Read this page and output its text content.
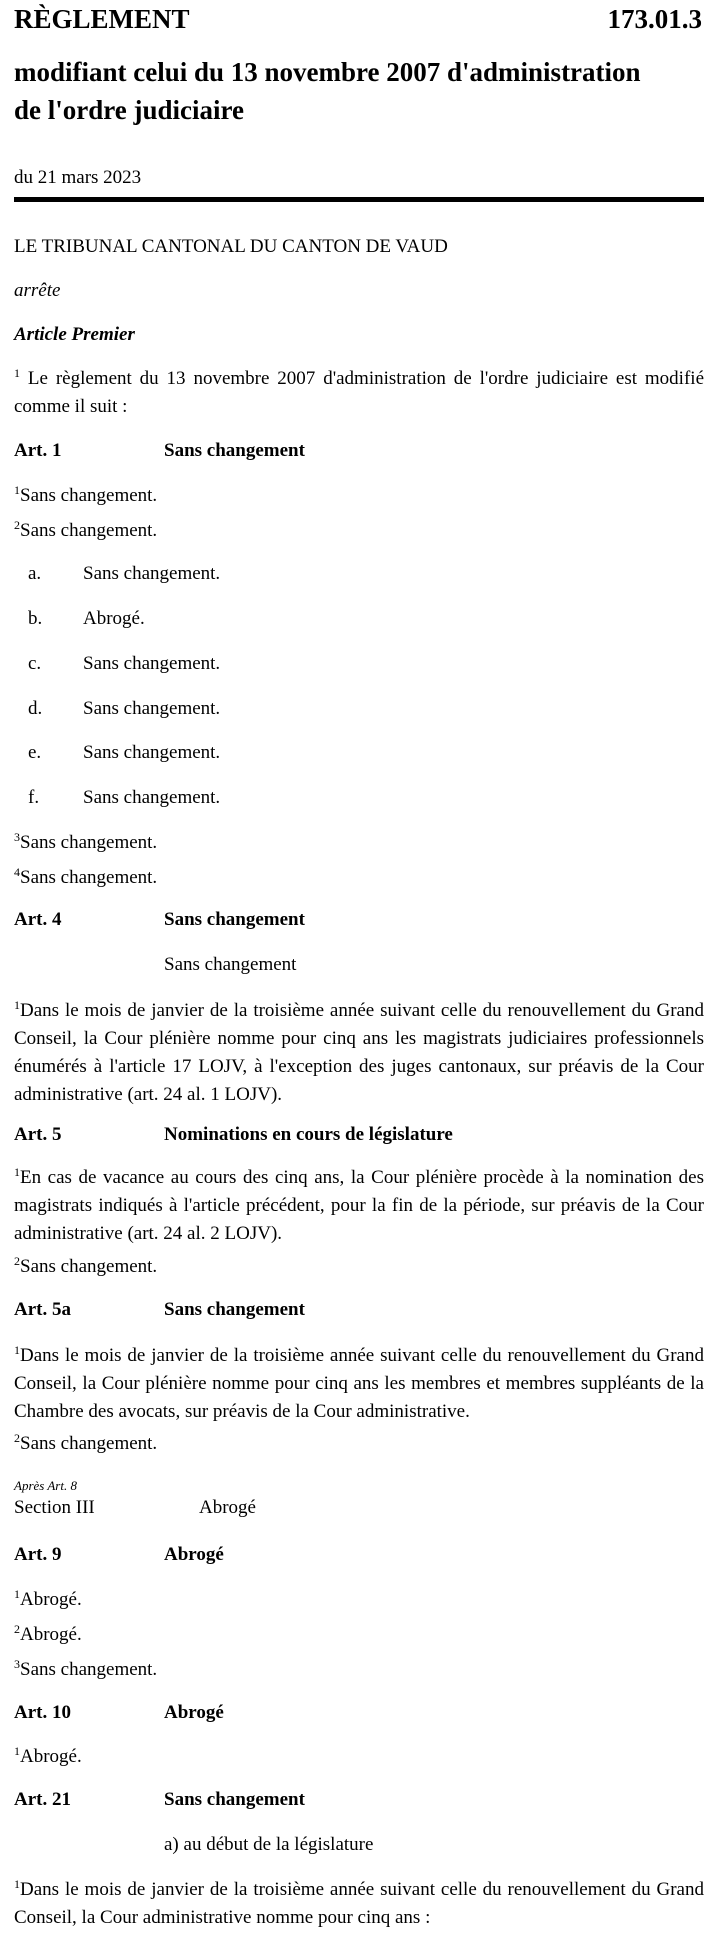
RÈGLEMENT	173.01.3
modifiant celui du 13 novembre 2007 d'administration
de l'ordre judiciaire
du 21 mars 2023
LE TRIBUNAL CANTONAL DU CANTON DE VAUD
arrête
Article Premier
$^1$ Le règlement du 13 novembre 2007 d'administration de l'ordre judiciaire est modifié comme il suit :
Art. 1	Sans changement
$^1$Sans changement.
$^2$Sans changement.
a. Sans changement.
b. Abrogé.
c. Sans changement.
d. Sans changement.
e. Sans changement.
f. Sans changement.
$^3$Sans changement.
$^4$Sans changement.
Art. 4	Sans changement
Sans changement
$^1$Dans le mois de janvier de la troisième année suivant celle du renouvellement du Grand Conseil, la Cour plénière nomme pour cinq ans les magistrats judiciaires professionnels énumérés à l'article 17 LOJV, à l'exception des juges cantonaux, sur préavis de la Cour administrative (art. 24 al. 1 LOJV).
Art. 5	Nominations en cours de législature
$^1$En cas de vacance au cours des cinq ans, la Cour plénière procède à la nomination des magistrats indiqués à l'article précédent, pour la fin de la période, sur préavis de la Cour administrative (art. 24 al. 2 LOJV).
$^2$Sans changement.
Art. 5a	Sans changement
$^1$Dans le mois de janvier de la troisième année suivant celle du renouvellement du Grand Conseil, la Cour plénière nomme pour cinq ans les membres et membres suppléants de la Chambre des avocats, sur préavis de la Cour administrative.
$^2$Sans changement.
Après Art. 8
Section III	Abrogé
Art. 9	Abrogé
$^1$Abrogé.
$^2$Abrogé.
$^3$Sans changement.
Art. 10	Abrogé
$^1$Abrogé.
Art. 21	Sans changement
a) au début de la législature
$^1$Dans le mois de janvier de la troisième année suivant celle du renouvellement du Grand Conseil, la Cour administrative nomme pour cinq ans :
